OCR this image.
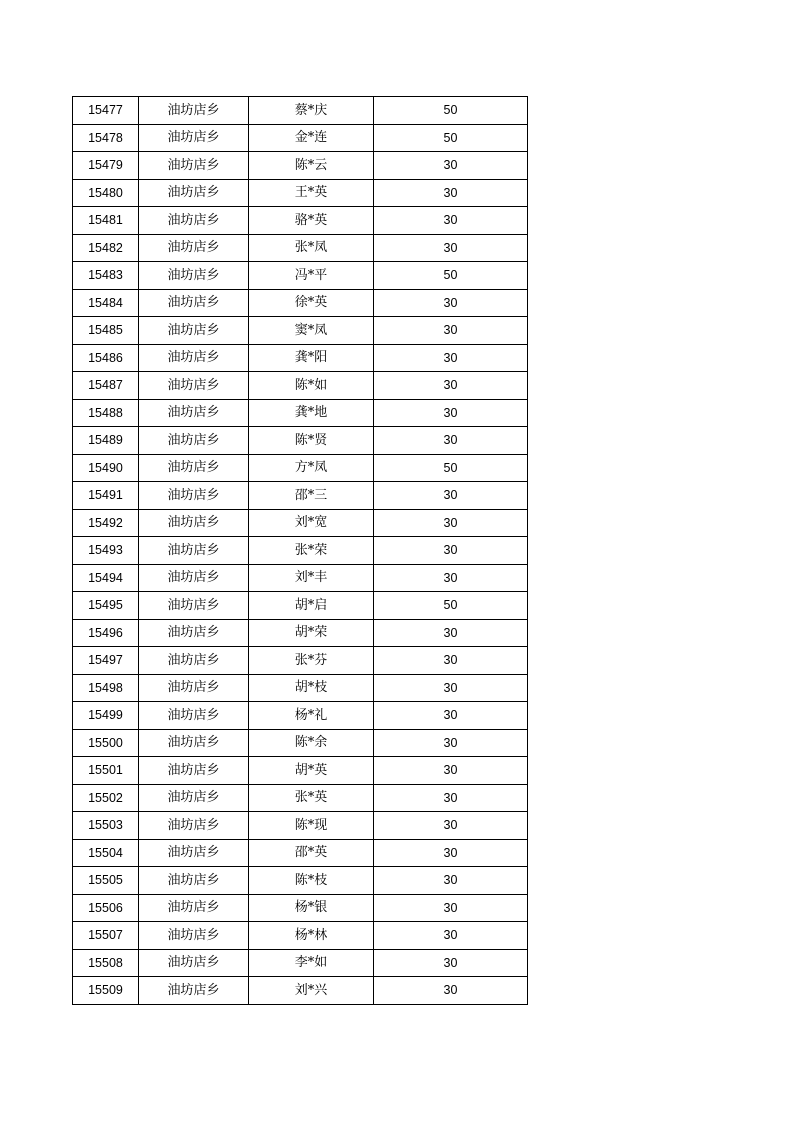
15477	油坊店乡	蔡*庆	50
15478	油坊店乡	金*连	50
15479	油坊店乡	陈*云	30
15480	油坊店乡	王*英	30
15481	油坊店乡	骆*英	30
15482	油坊店乡	张*凤	30
15483	油坊店乡	冯*平	50
15484	油坊店乡	徐*英	30
15485	油坊店乡	窦*凤	30
15486	油坊店乡	龚*阳	30
15487	油坊店乡	陈*如	30
15488	油坊店乡	龚*地	30
15489	油坊店乡	陈*贤	30
15490	油坊店乡	方*凤	50
15491	油坊店乡	邵*三	30
15492	油坊店乡	刘*宽	30
15493	油坊店乡	张*荣	30
15494	油坊店乡	刘*丰	30
15495	油坊店乡	胡*启	50
15496	油坊店乡	胡*荣	30
15497	油坊店乡	张*芬	30
15498	油坊店乡	胡*枝	30
15499	油坊店乡	杨*礼	30
15500	油坊店乡	陈*余	30
15501	油坊店乡	胡*英	30
15502	油坊店乡	张*英	30
15503	油坊店乡	陈*现	30
15504	油坊店乡	邵*英	30
15505	油坊店乡	陈*枝	30
15506	油坊店乡	杨*银	30
15507	油坊店乡	杨*林	30
15508	油坊店乡	李*如	30
15509	油坊店乡	刘*兴	30
